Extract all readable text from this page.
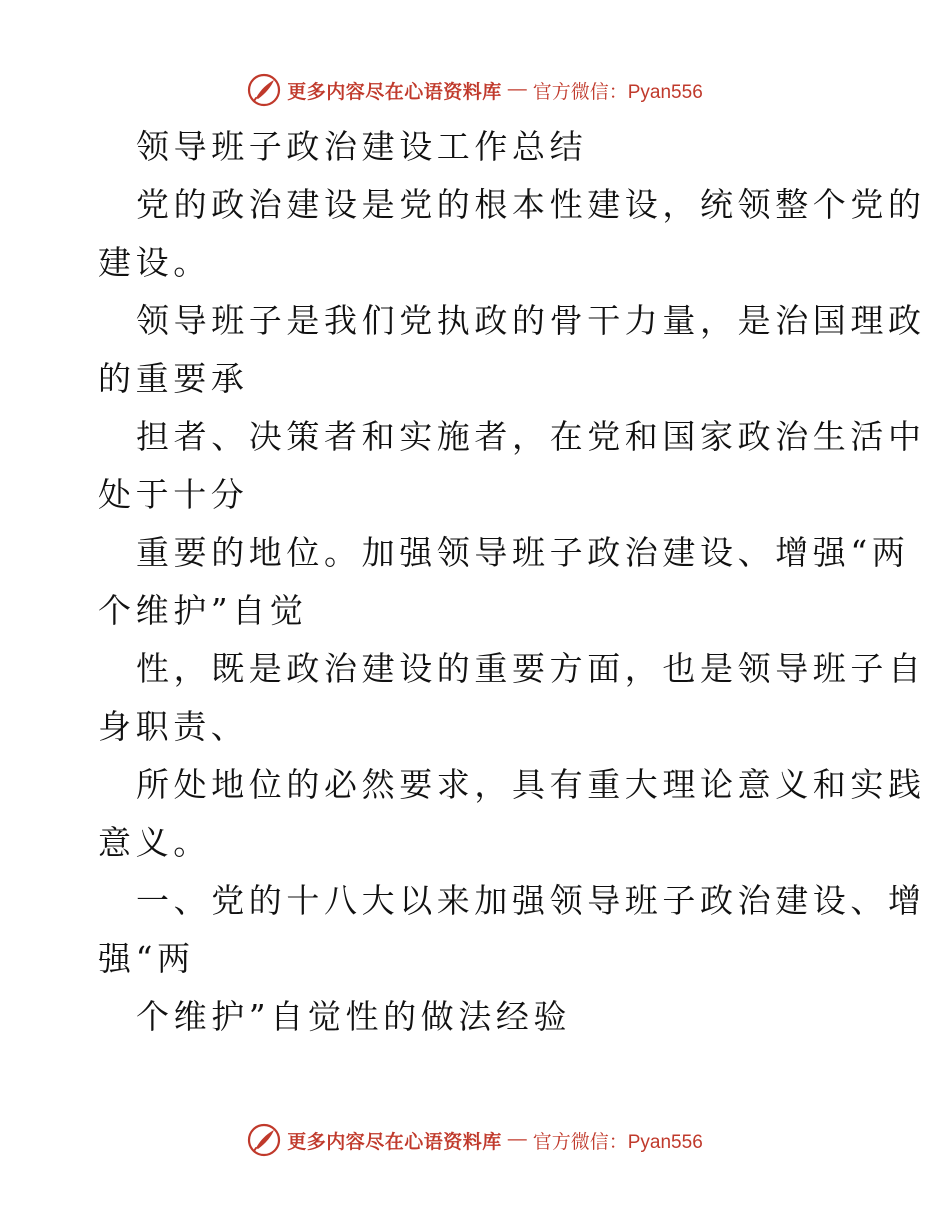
更多内容尽在心语资料库 — 官方微信：Pyan556

领导班子政治建设工作总结

党的政治建设是党的根本性建设，统领整个党的
建设。

领导班子是我们党执政的骨干力量，是治国理政
的重要承

担者、决策者和实施者，在党和国家政治生活中
处于十分

重要的地位。加强领导班子政治建设、增强“两
个维护”自觉

性，既是政治建设的重要方面，也是领导班子自
身职责、

所处地位的必然要求，具有重大理论意义和实践
意义。

一、党的十八大以来加强领导班子政治建设、增
强“两

个维护”自觉性的做法经验

更多内容尽在心语资料库 — 官方微信：Pyan556
